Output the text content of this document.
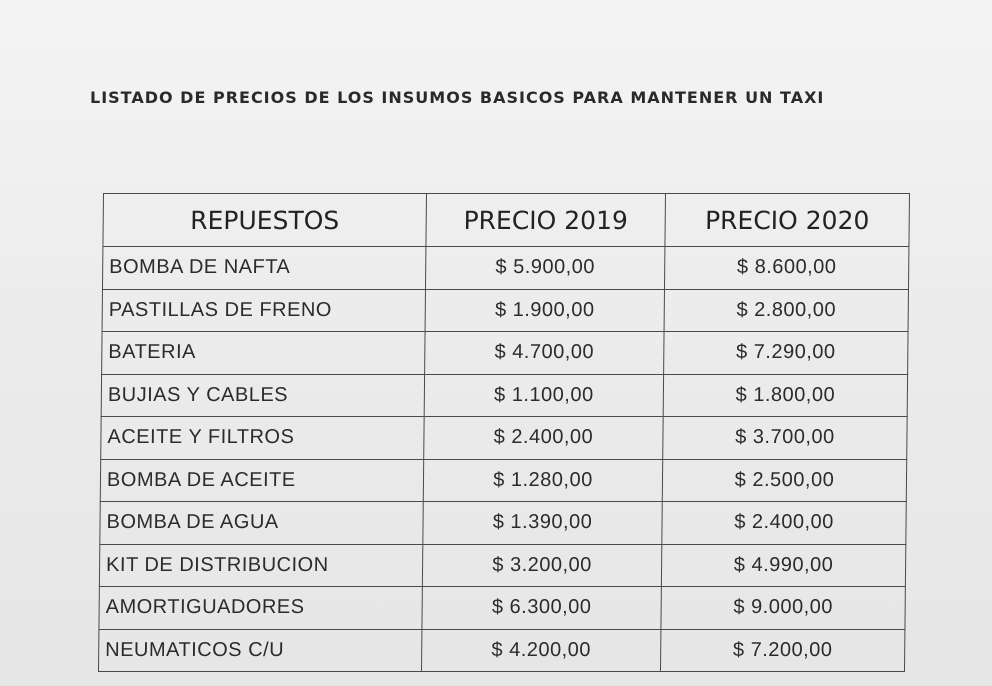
LISTADO DE PRECIOS DE LOS INSUMOS BASICOS PARA MANTENER UN TAXI
REPUESTOS	PRECIO 2019	PRECIO 2020
BOMBA DE NAFTA	$ 5.900,00	$ 8.600,00
PASTILLAS DE FRENO	$ 1.900,00	$ 2.800,00
BATERIA	$ 4.700,00	$ 7.290,00
BUJIAS Y CABLES	$ 1.100,00	$ 1.800,00
ACEITE Y FILTROS	$ 2.400,00	$ 3.700,00
BOMBA DE ACEITE	$ 1.280,00	$ 2.500,00
BOMBA DE AGUA	$ 1.390,00	$ 2.400,00
KIT DE DISTRIBUCION	$ 3.200,00	$ 4.990,00
AMORTIGUADORES	$ 6.300,00	$ 9.000,00
NEUMATICOS C/U	$ 4.200,00	$ 7.200,00
